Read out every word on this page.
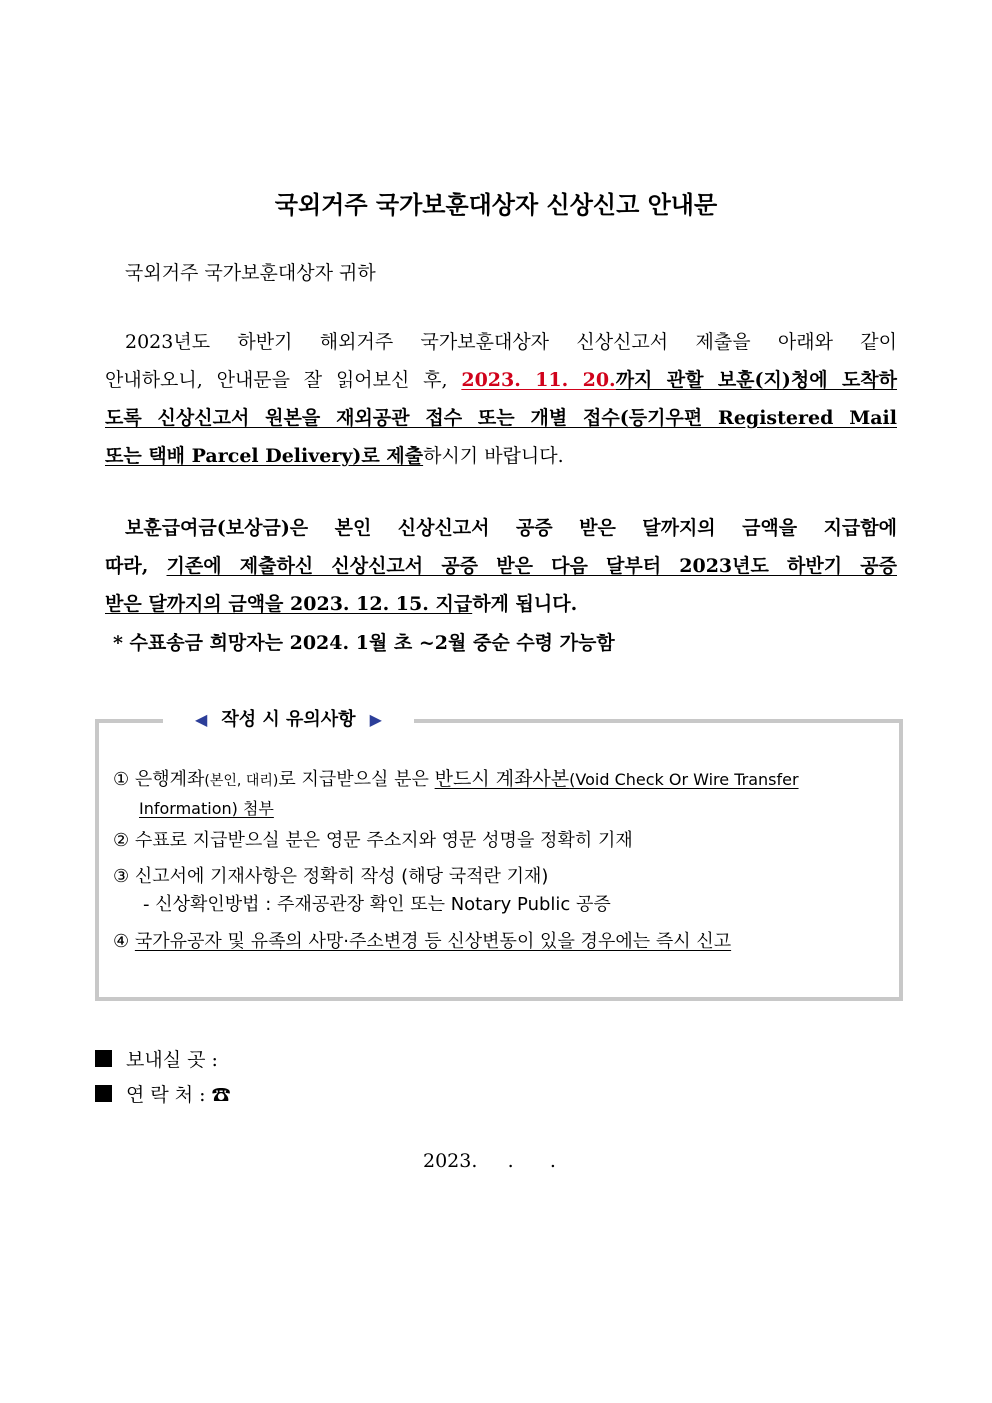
국외거주 국가보훈대상자 신상신고 안내문
국외거주 국가보훈대상자 귀하
2023년도 하반기 해외거주 국가보훈대상자 신상신고서 제출을 아래와 같이
안내하오니, 안내문을 잘 읽어보신 후, 2023. 11. 20.까지 관할 보훈(지)청에 도착하
도록 신상신고서 원본을 재외공관 접수 또는 개별 접수(등기우편 Registered Mail
또는 택배 Parcel Delivery)로 제출하시기 바랍니다.
보훈급여금(보상금)은 본인 신상신고서 공증 받은 달까지의 금액을 지급함에
따라, 기존에 제출하신 신상신고서 공증 받은 다음 달부터 2023년도 하반기 공증
받은 달까지의 금액을 2023. 12. 15. 지급하게 됩니다.
* 수표송금 희망자는 2024. 1월 초 ~2월 중순 수령 가능함
◀ 작성 시 유의사항 ▶
① 은행계좌(본인, 대리)로 지급받으실 분은 반드시 계좌사본(Void Check Or Wire Transfer
Information) 첨부
② 수표로 지급받으실 분은 영문 주소지와 영문 성명을 정확히 기재
③ 신고서에 기재사항은 정확히 작성 (해당 국적란 기재)
- 신상확인방법 : 주재공관장 확인 또는 Notary Public 공증
④ 국가유공자 및 유족의 사망·주소변경 등 신상변동이 있을 경우에는 즉시 신고
보내실 곳 :
연 락 처 : ☎
2023.     .      .
